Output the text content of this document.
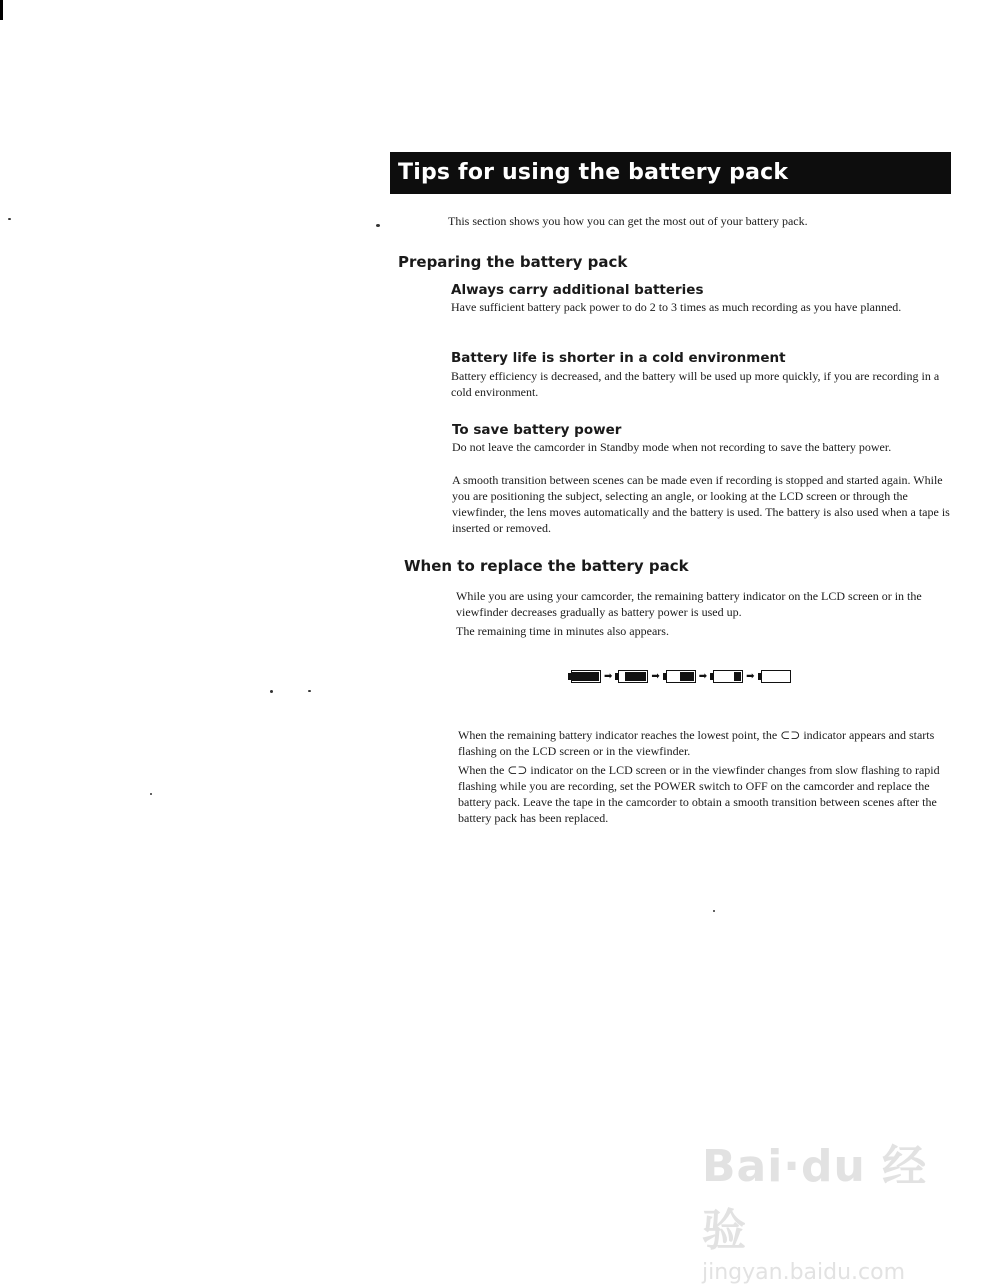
Tips for using the battery pack
This section shows you how you can get the most out of your battery pack.
Preparing the battery pack
Always carry additional batteries

Have sufficient battery pack power to do 2 to 3 times as much recording as you have planned.

Battery life is shorter in a cold environment

Battery efficiency is decreased, and the battery will be used up more quickly, if you are recording in a cold environment.

To save battery power

Do not leave the camcorder in Standby mode when not recording to save the battery power.

A smooth transition between scenes can be made even if recording is stopped and started again. While you are positioning the subject, selecting an angle, or looking at the LCD screen or through the viewfinder, the lens moves automatically and the battery is used. The battery is also used when a tape is inserted or removed.

When to replace the battery pack

While you are using your camcorder, the remaining battery indicator on the LCD screen or in the viewfinder decreases gradually as battery power is used up.

The remaining time in minutes also appears.

➡	➡	➡	➡

When the remaining battery indicator reaches the lowest point, the ⊂⊃ indicator appears and starts flashing on the LCD screen or in the viewfinder.

When the ⊂⊃ indicator on the LCD screen or in the viewfinder changes from slow flashing to rapid flashing while you are recording, set the POWER switch to OFF on the camcorder and replace the battery pack. Leave the tape in the camcorder to obtain a smooth transition between scenes after the battery pack has been replaced.

Bai·du 经验
jingyan.baidu.com
